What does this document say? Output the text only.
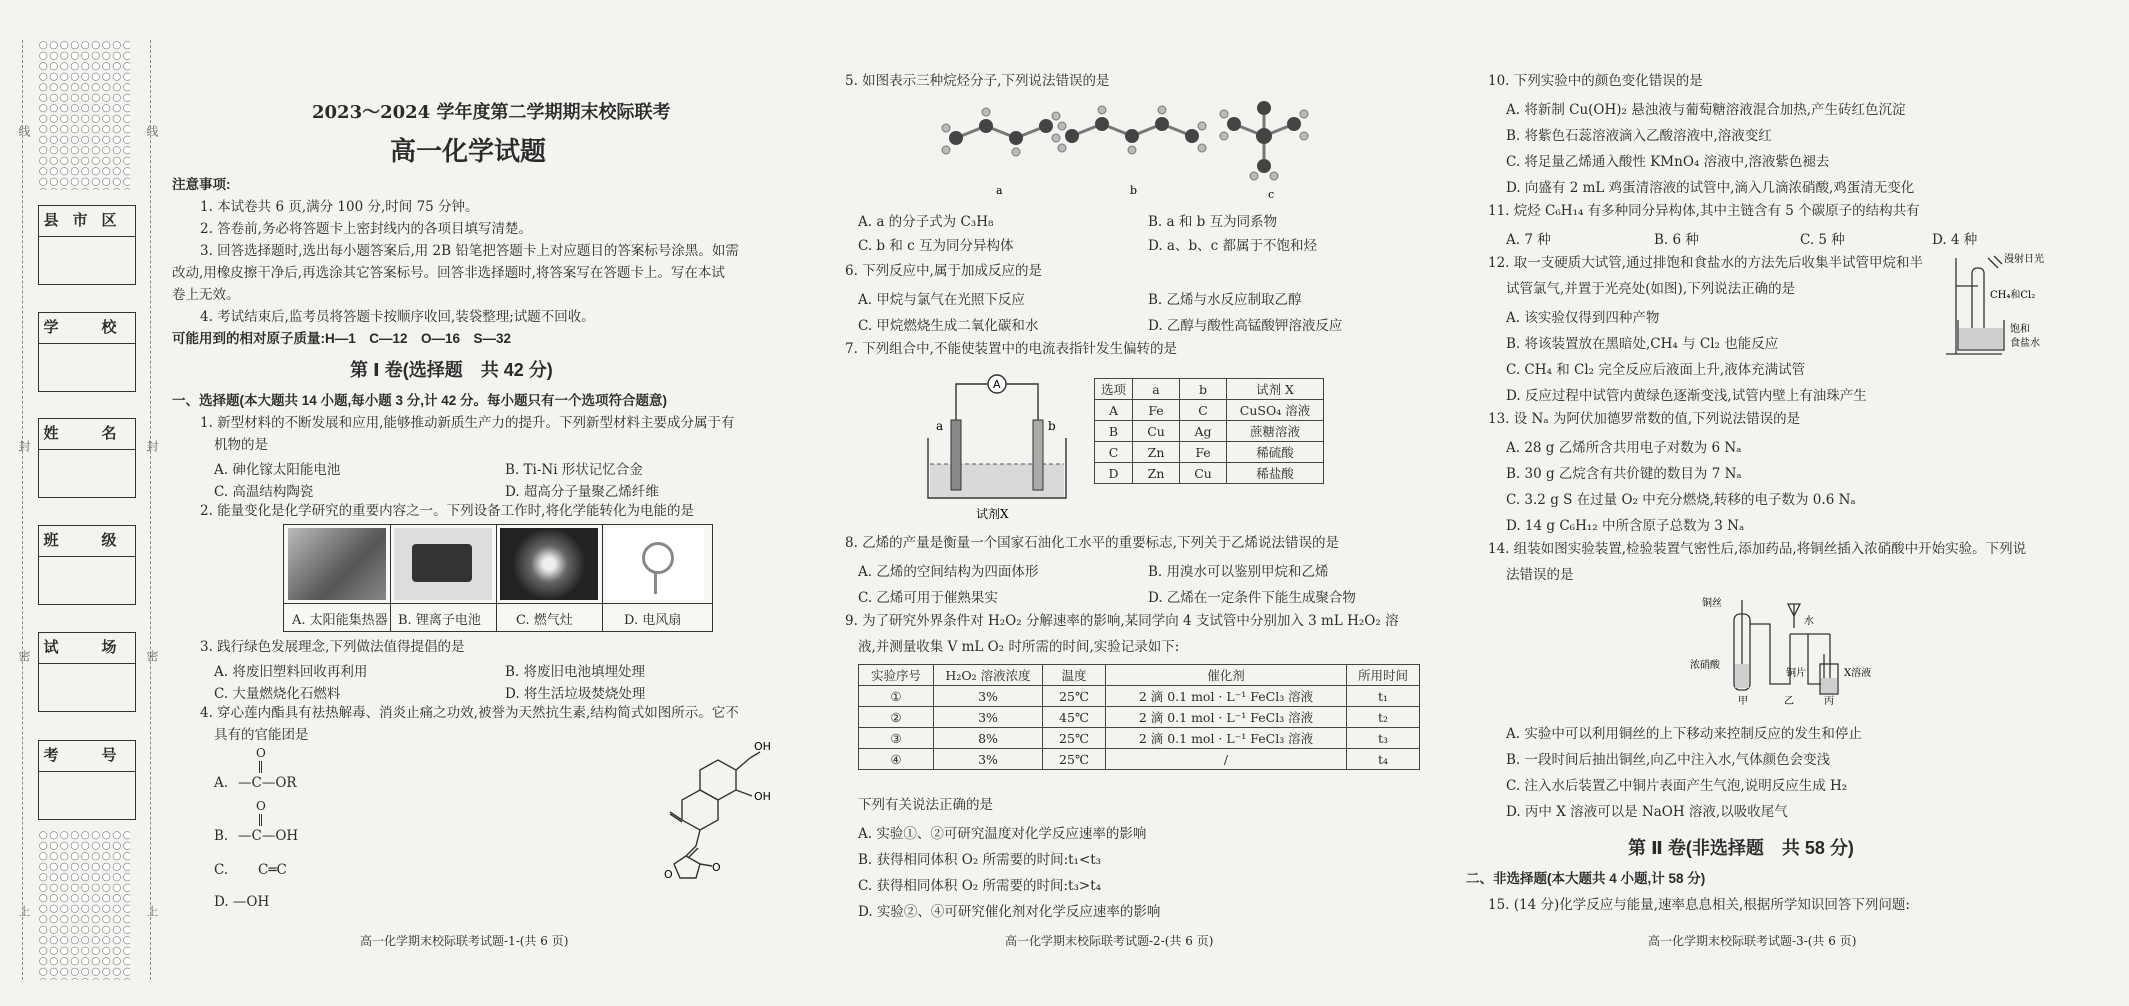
线	线
封	封
密	密
上	上
县市区
学　校
姓　名
班　级
试　场
考　号
2023～2024 学年度第二学期期末校际联考
高一化学试题
注意事项:
1. 本试卷共 6 页,满分 100 分,时间 75 分钟。
2. 答卷前,务必将答题卡上密封线内的各项目填写清楚。
3. 回答选择题时,选出每小题答案后,用 2B 铅笔把答题卡上对应题目的答案标号涂黑。如需
改动,用橡皮擦干净后,再选涂其它答案标号。回答非选择题时,将答案写在答题卡上。写在本试
卷上无效。
4. 考试结束后,监考员将答题卡按顺序收回,装袋整理;试题不回收。
可能用到的相对原子质量:H—1　C—12　O—16　S—32
第 Ⅰ 卷(选择题　共 42 分)
一、选择题(本大题共 14 小题,每小题 3 分,计 42 分。每小题只有一个选项符合题意)
1. 新型材料的不断发展和应用,能够推动新质生产力的提升。下列新型材料主要成分属于有
机物的是
A. 砷化镓太阳能电池	B. Ti-Ni 形状记忆合金
C. 高温结构陶瓷	D. 超高分子量聚乙烯纤维
2. 能量变化是化学研究的重要内容之一。下列设备工作时,将化学能转化为电能的是
A. 太阳能集热器 B. 锂离子电池	C. 燃气灶	D. 电风扇
3. 践行绿色发展理念,下列做法值得提倡的是
A. 将废旧塑料回收再利用	B. 将废旧电池填埋处理
C. 大量燃烧化石燃料	D. 将生活垃圾焚烧处理
4. 穿心莲内酯具有祛热解毒、消炎止痛之功效,被誉为天然抗生素,结构简式如图所示。它不
具有的官能团是
A.
O
—C—OR
B.
O
—C—OH
C. C═C
D. —OH
OH
OH
O
O
高一化学期末校际联考试题-1-(共 6 页)
5. 如图表示三种烷烃分子,下列说法错误的是
a	b	c
A. a 的分子式为 C₃H₈	B. a 和 b 互为同系物
C. b 和 c 互为同分异构体	D. a、b、c 都属于不饱和烃
6. 下列反应中,属于加成反应的是
A. 甲烷与氯气在光照下反应	B. 乙烯与水反应制取乙醇
C. 甲烷燃烧生成二氧化碳和水	D. 乙醇与酸性高锰酸钾溶液反应
7. 下列组合中,不能使装置中的电流表指针发生偏转的是
A
a	b
试剂X
选项	a	b	试剂 X
A	Fe	C	CuSO₄ 溶液
B	Cu	Ag	蔗糖溶液
C	Zn	Fe	稀硫酸
D	Zn	Cu	稀盐酸
8. 乙烯的产量是衡量一个国家石油化工水平的重要标志,下列关于乙烯说法错误的是
A. 乙烯的空间结构为四面体形	B. 用溴水可以鉴别甲烷和乙烯
C. 乙烯可用于催熟果实	D. 乙烯在一定条件下能生成聚合物
9. 为了研究外界条件对 H₂O₂ 分解速率的影响,某同学向 4 支试管中分别加入 3 mL H₂O₂ 溶
液,并测量收集 V mL O₂ 时所需的时间,实验记录如下:
实验序号	H₂O₂ 溶液浓度	温度	催化剂	所用时间
①	3%	25℃	2 滴 0.1 mol · L⁻¹ FeCl₃ 溶液	t₁
②	3%	45℃	2 滴 0.1 mol · L⁻¹ FeCl₃ 溶液	t₂
③	8%	25℃	2 滴 0.1 mol · L⁻¹ FeCl₃ 溶液	t₃
④	3%	25℃	/	t₄
下列有关说法正确的是
A. 实验①、②可研究温度对化学反应速率的影响
B. 获得相同体积 O₂ 所需要的时间:t₁<t₃
C. 获得相同体积 O₂ 所需要的时间:t₃>t₄
D. 实验②、④可研究催化剂对化学反应速率的影响
高一化学期末校际联考试题-2-(共 6 页)
10. 下列实验中的颜色变化错误的是
A. 将新制 Cu(OH)₂ 悬浊液与葡萄糖溶液混合加热,产生砖红色沉淀
B. 将紫色石蕊溶液滴入乙酸溶液中,溶液变红
C. 将足量乙烯通入酸性 KMnO₄ 溶液中,溶液紫色褪去
D. 向盛有 2 mL 鸡蛋清溶液的试管中,滴入几滴浓硝酸,鸡蛋清无变化
11. 烷烃 C₆H₁₄ 有多种同分异构体,其中主链含有 5 个碳原子的结构共有
A. 7 种	B. 6 种	C. 5 种	D. 4 种
12. 取一支硬质大试管,通过排饱和食盐水的方法先后收集半试管甲烷和半
试管氯气,并置于光亮处(如图),下列说法正确的是
A. 该实验仅得到四种产物
B. 将该装置放在黑暗处,CH₄ 与 Cl₂ 也能反应
C. CH₄ 和 Cl₂ 完全反应后液面上升,液体充满试管
D. 反应过程中试管内黄绿色逐渐变浅,试管内壁上有油珠产生
漫射日光
CH₄和Cl₂
饱和
食盐水
13. 设 Nₐ 为阿伏加德罗常数的值,下列说法错误的是
A. 28 g 乙烯所含共用电子对数为 6 Nₐ
B. 30 g 乙烷含有共价键的数目为 7 Nₐ
C. 3.2 g S 在过量 O₂ 中充分燃烧,转移的电子数为 0.6 Nₐ
D. 14 g C₆H₁₂ 中所含原子总数为 3 Nₐ
14. 组装如图实验装置,检验装置气密性后,添加药品,将铜丝插入浓硝酸中开始实验。下列说
法错误的是
铜丝
水
浓硝酸
铜片	X溶液
甲	乙	丙
A. 实验中可以利用铜丝的上下移动来控制反应的发生和停止
B. 一段时间后抽出铜丝,向乙中注入水,气体颜色会变浅
C. 注入水后装置乙中铜片表面产生气泡,说明反应生成 H₂
D. 丙中 X 溶液可以是 NaOH 溶液,以吸收尾气
第 Ⅱ 卷(非选择题　共 58 分)
二、非选择题(本大题共 4 小题,计 58 分)
15. (14 分)化学反应与能量,速率息息相关,根据所学知识回答下列问题:
高一化学期末校际联考试题-3-(共 6 页)
